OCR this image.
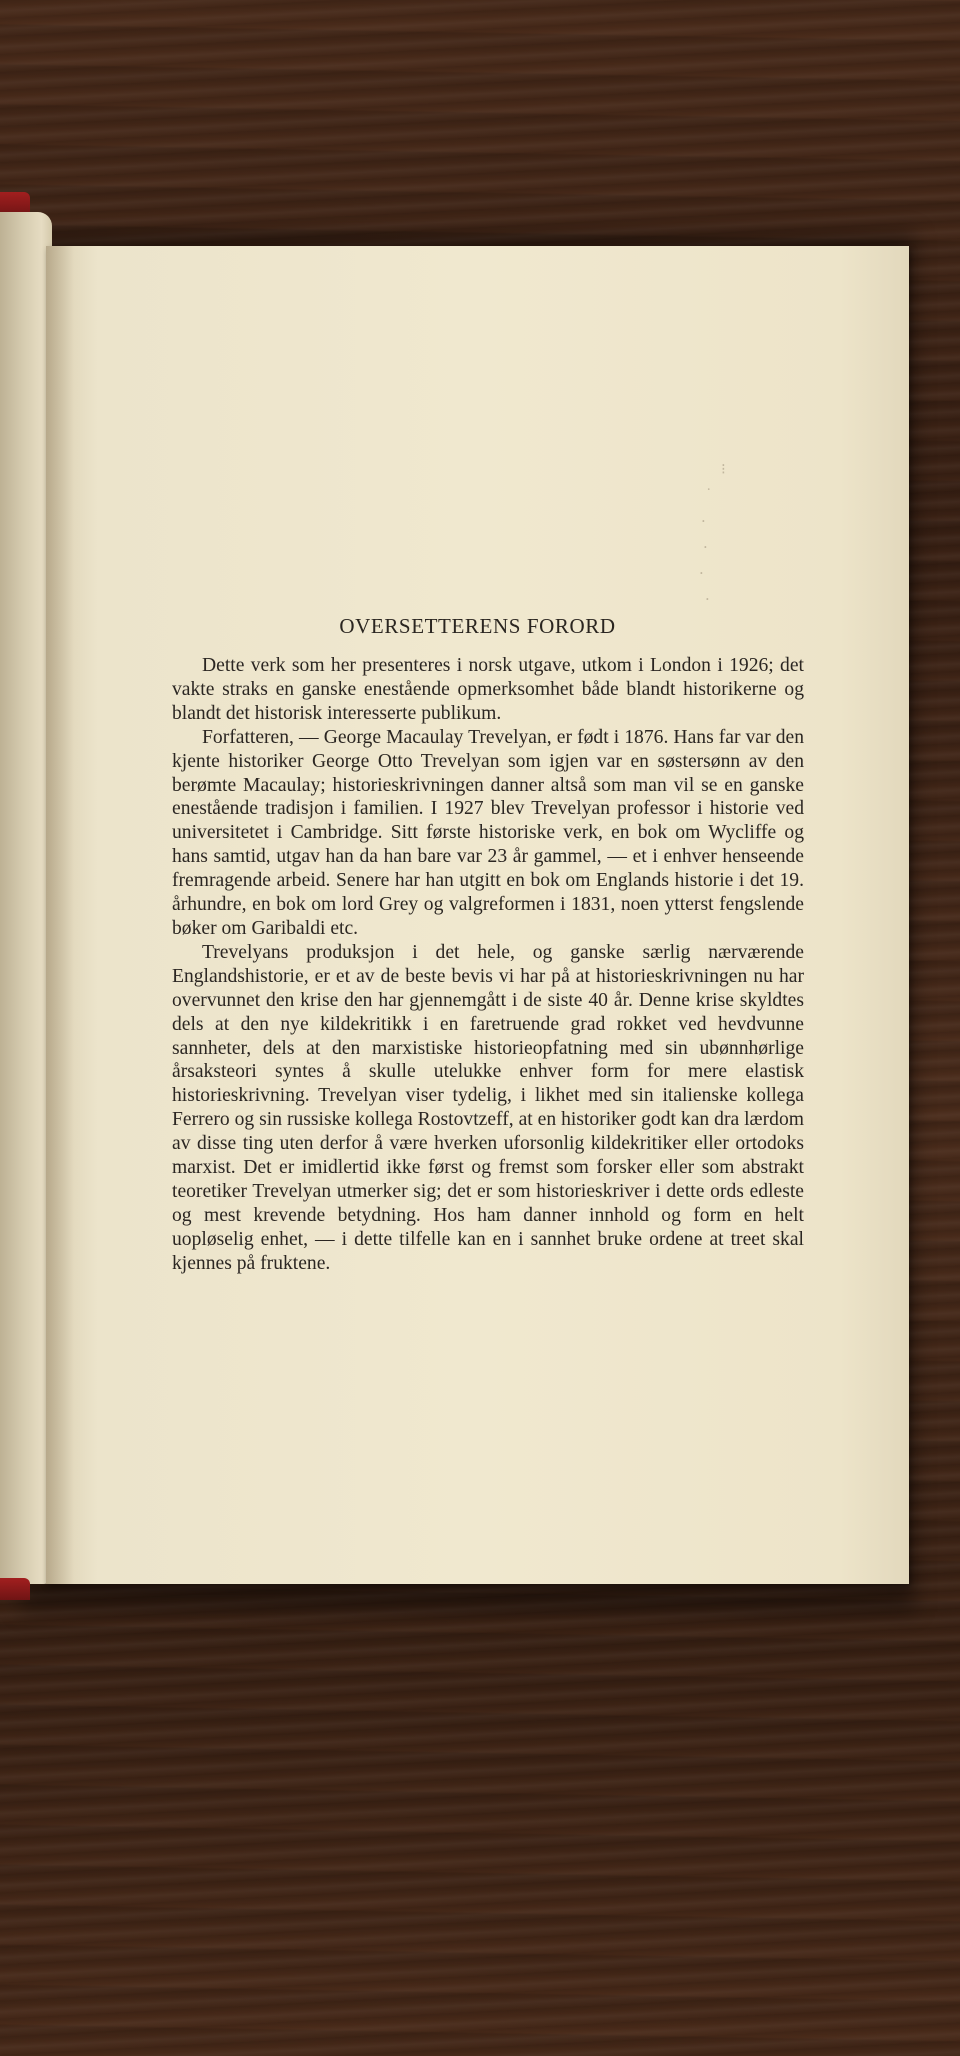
⁝
˙
·
·
·
·
OVERSETTERENS FORORD

Dette verk som her presenteres i norsk utgave, utkom i London i 1926; det vakte straks en ganske enestående opmerksomhet både blandt historikerne og blandt det historisk interesserte publikum.

Forfatteren, — George Macaulay Trevelyan, er født i 1876. Hans far var den kjente historiker George Otto Trevelyan som igjen var en søstersønn av den berømte Macaulay; historieskrivningen danner altså som man vil se en ganske enestående tradisjon i familien. I 1927 blev Trevelyan professor i historie ved universitetet i Cambridge. Sitt første historiske verk, en bok om Wycliffe og hans samtid, utgav han da han bare var 23 år gammel, — et i enhver henseende fremragende arbeid. Senere har han utgitt en bok om Englands historie i det 19. århundre, en bok om lord Grey og valgreformen i 1831, noen ytterst fengslende bøker om Garibaldi etc.

Trevelyans produksjon i det hele, og ganske særlig nærværende Englandshistorie, er et av de beste bevis vi har på at historieskrivningen nu har overvunnet den krise den har gjennemgått i de siste 40 år. Denne krise skyldtes dels at den nye kildekritikk i en faretruende grad rokket ved hevdvunne sannheter, dels at den marxistiske historieopfatning med sin ubønnhørlige årsaksteori syntes å skulle utelukke enhver form for mere elastisk historieskrivning. Trevelyan viser tydelig, i likhet med sin italienske kollega Ferrero og sin russiske kollega Rostovtzeff, at en historiker godt kan dra lærdom av disse ting uten derfor å være hverken uforsonlig kildekritiker eller ortodoks marxist. Det er imidlertid ikke først og fremst som forsker eller som abstrakt teoretiker Trevelyan utmerker sig; det er som historieskriver i dette ords edleste og mest krevende betydning. Hos ham danner innhold og form en helt uopløselig enhet, — i dette tilfelle kan en i sannhet bruke ordene at treet skal kjennes på fruktene.
